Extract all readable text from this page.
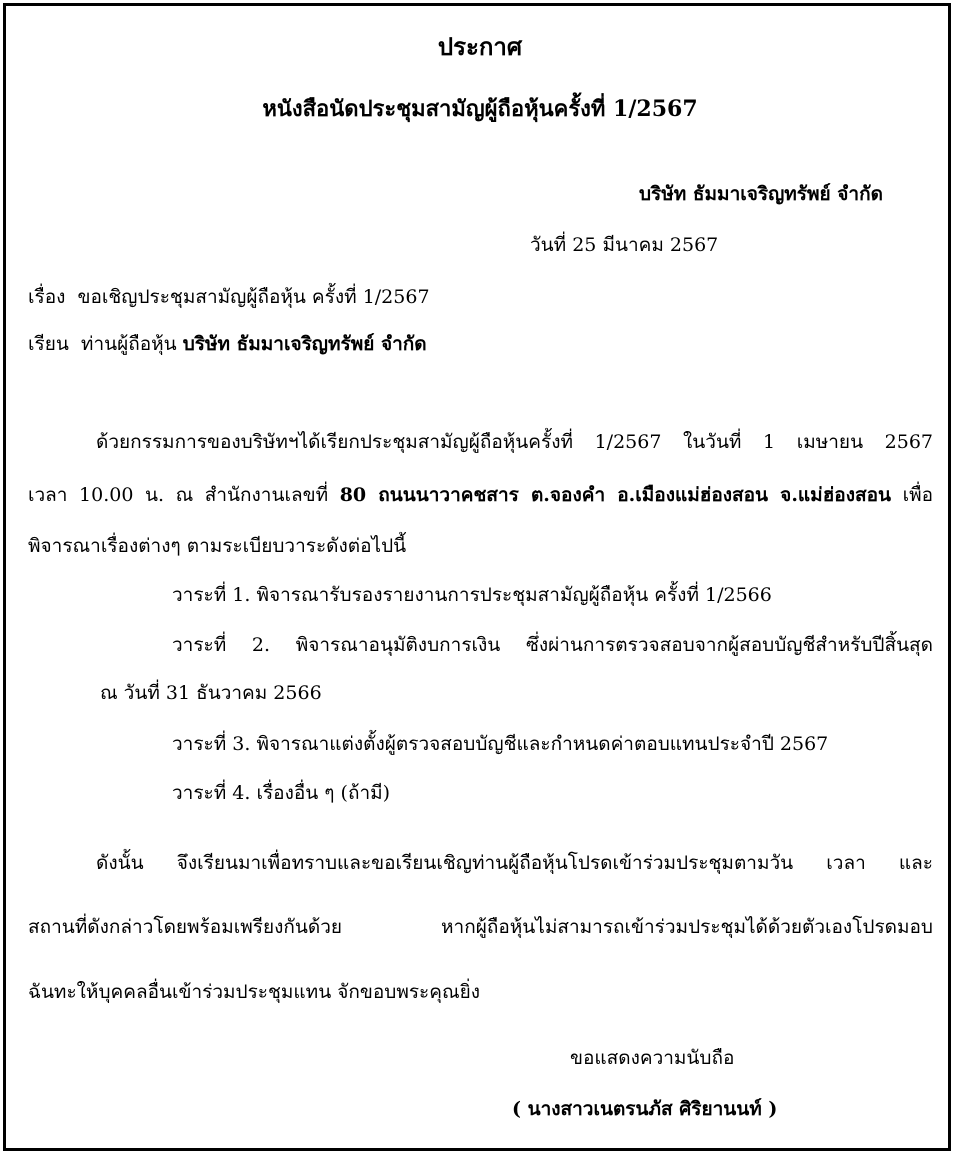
ประกาศ
หนังสือนัดประชุมสามัญผู้ถือหุ้นครั้งที่ 1/2567
บริษัท ธัมมาเจริญทรัพย์ จำกัด
วันที่ 25 มีนาคม 2567
เรื่อง ขอเชิญประชุมสามัญผู้ถือหุ้น ครั้งที่ 1/2567
เรียน ท่านผู้ถือหุ้น บริษัท ธัมมาเจริญทรัพย์ จำกัด
ด้วยกรรมการของบริษัทฯได้เรียกประชุมสามัญผู้ถือหุ้นครั้งที่ 1/2567 ในวันที่ 1 เมษายน 2567
เวลา 10.00 น. ณ สำนักงานเลขที่ 80 ถนนนาวาคชสาร ต.จองคำ อ.เมืองแม่ฮ่องสอน จ.แม่ฮ่องสอน เพื่อ
พิจารณาเรื่องต่างๆ ตามระเบียบวาระดังต่อไปนี้
วาระที่ 1. พิจารณารับรองรายงานการประชุมสามัญผู้ถือหุ้น ครั้งที่ 1/2566
วาระที่ 2. พิจารณาอนุมัติงบการเงิน ซึ่งผ่านการตรวจสอบจากผู้สอบบัญชีสำหรับปีสิ้นสุด
ณ วันที่ 31 ธันวาคม 2566
วาระที่ 3. พิจารณาแต่งตั้งผู้ตรวจสอบบัญชีและกำหนดค่าตอบแทนประจำปี 2567
วาระที่ 4. เรื่องอื่น ๆ (ถ้ามี)
ดังนั้น จึงเรียนมาเพื่อทราบและขอเรียนเชิญท่านผู้ถือหุ้นโปรดเข้าร่วมประชุมตามวัน เวลา และ
สถานที่ดังกล่าวโดยพร้อมเพรียงกันด้วย หากผู้ถือหุ้นไม่สามารถเข้าร่วมประชุมได้ด้วยตัวเองโปรดมอบ
ฉันทะให้บุคคลอื่นเข้าร่วมประชุมแทน จักขอบพระคุณยิ่ง
ขอแสดงความนับถือ
( นางสาวเนตรนภัส ศิริยานนท์ )
